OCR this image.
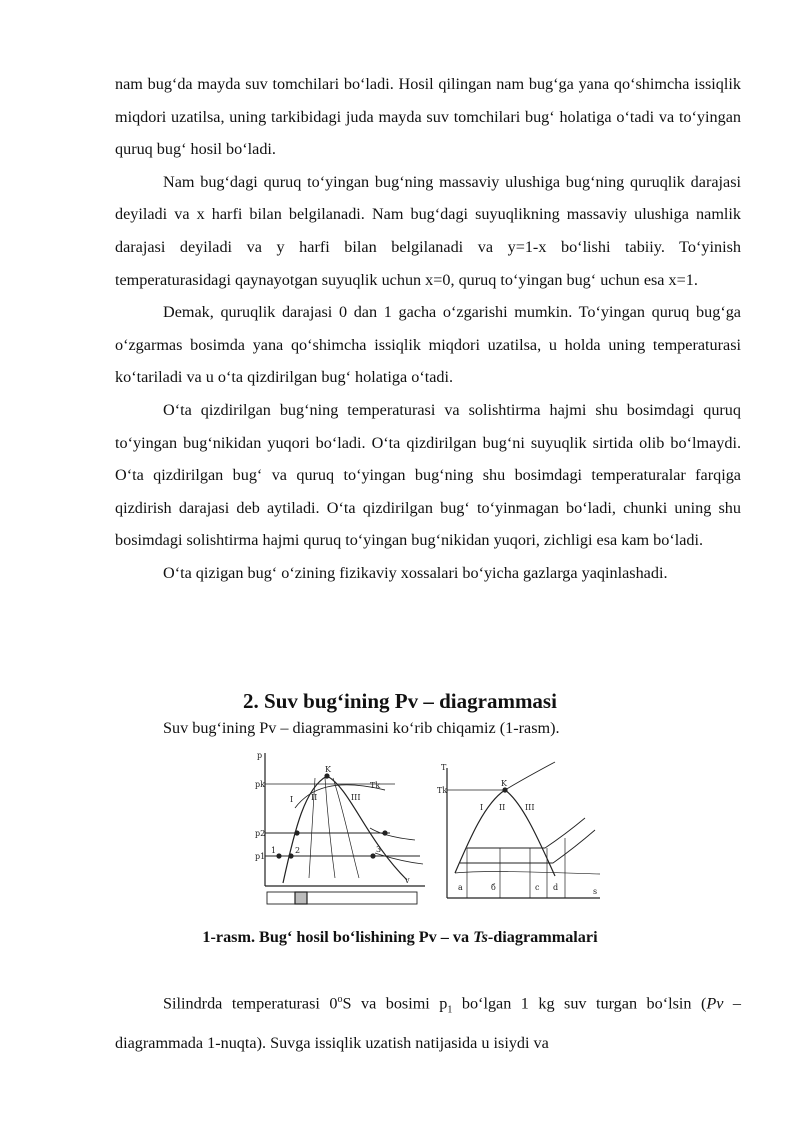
nam bug‘da mayda suv tomchilari bo‘ladi. Hosil qilingan nam bug‘ga yana qo‘shimcha issiqlik miqdori uzatilsa, uning tarkibidagi juda mayda suv tomchilari bug‘ holatiga o‘tadi va to‘yingan quruq bug‘ hosil bo‘ladi.

Nam bug‘dagi quruq to‘yingan bug‘ning massaviy ulushiga bug‘ning quruqlik darajasi deyiladi va x harfi bilan belgilanadi. Nam bug‘dagi suyuqlikning massaviy ulushiga namlik darajasi deyiladi va y harfi bilan belgilanadi va y=1-x bo‘lishi tabiiy. To‘yinish temperaturasidagi qaynayotgan suyuqlik uchun x=0, quruq to‘yingan bug‘ uchun esa x=1.

Demak, quruqlik darajasi 0 dan 1 gacha o‘zgarishi mumkin. To‘yingan quruq bug‘ga o‘zgarmas bosimda yana qo‘shimcha issiqlik miqdori uzatilsa, u holda uning temperaturasi ko‘tariladi va u o‘ta qizdirilgan bug‘ holatiga o‘tadi.

O‘ta qizdirilgan bug‘ning temperaturasi va solishtirma hajmi shu bosimdagi quruq to‘yingan bug‘nikidan yuqori bo‘ladi. O‘ta qizdirilgan bug‘ni suyuqlik sirtida olib bo‘lmaydi. O‘ta qizdirilgan bug‘ va quruq to‘yingan bug‘ning shu bosimdagi temperaturalar farqiga qizdirish darajasi deb aytiladi. O‘ta qizdirilgan bug‘ to‘yinmagan bo‘ladi, chunki uning shu bosimdagi solishtirma hajmi quruq to‘yingan bug‘nikidan yuqori, zichligi esa kam bo‘ladi.

O‘ta qizigan bug‘ o‘zining fizikaviy xossalari bo‘yicha gazlarga yaqinlashadi.

2. Suv bug‘ining Pv – diagrammasi

Suv bug‘ining Pv – diagrammasini ko‘rib chiqamiz (1-rasm).

p
pk
p2
p1
K
Tk
v
I II	III
1 2	3
T
Tk
K
s
a	б	c d
I II III

1-rasm. Bug‘ hosil bo‘lishining Pv – va Ts-diagrammalari

Silindrda temperaturasi 0$^o$S va bosimi $p_1$ bo‘lgan 1 kg suv turgan bo‘lsin (Pv – diagrammada 1-nuqta). Suvga issiqlik uzatish natijasida u isiydi va
